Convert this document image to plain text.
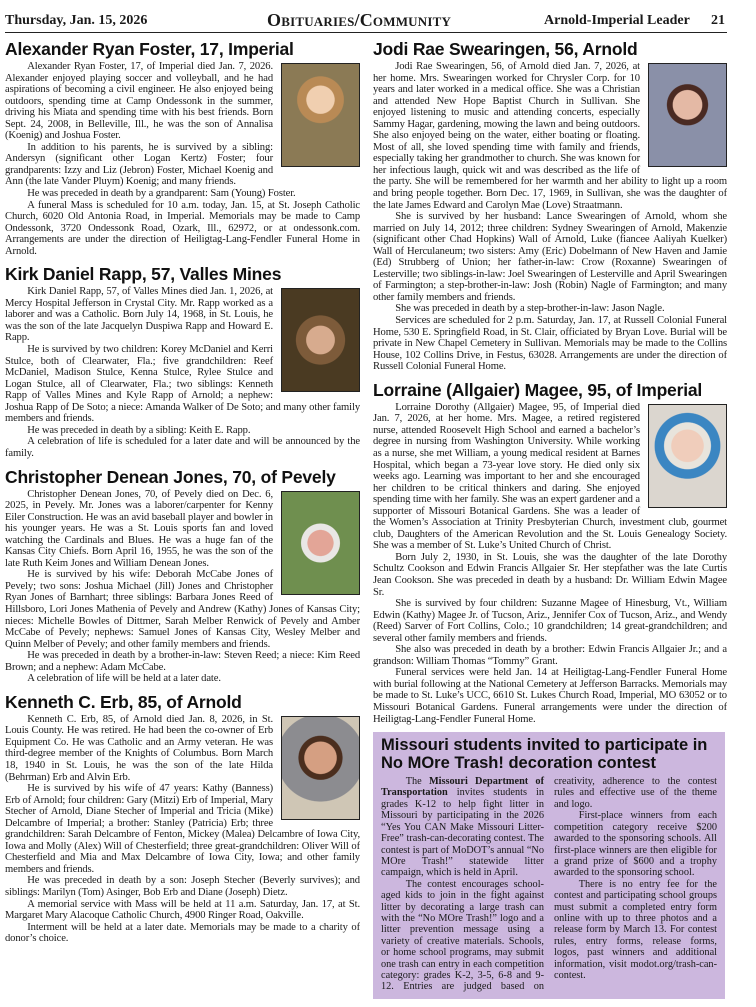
Thursday, Jan. 15, 2026	Obituaries/Community	Arnold-Imperial Leader 21
Alexander Ryan Foster, 17, Imperial

Alexander Ryan Foster, 17, of Imperial died Jan. 7, 2026. Alexander enjoyed playing soccer and volleyball, and he had aspirations of becoming a civil engineer. He also enjoyed being outdoors, spending time at Camp Ondessonk in the summer, driving his Miata and spending time with his best friends. Born Sept. 24, 2008, in Belleville, Ill., he was the son of Annalisa (Koenig) and Joshua Foster.

In addition to his parents, he is survived by a sibling: Andersyn (significant other Logan Kertz) Foster; four grandparents: Izzy and Liz (Jebron) Foster, Michael Koenig and Ann (the late Vander Pluym) Koenig; and many friends.

He was preceded in death by a grandparent: Sam (Young) Foster.

A funeral Mass is scheduled for 10 a.m. today, Jan. 15, at St. Joseph Catholic Church, 6020 Old Antonia Road, in Imperial. Memorials may be made to Camp Ondessonk, 3720 Ondessonk Road, Ozark, Ill., 62972, or at ondessonk.com. Arrangements are under the direction of Heiligtag-Lang-Fendler Funeral Home in Arnold.

Kirk Daniel Rapp, 57, Valles Mines

Kirk Daniel Rapp, 57, of Valles Mines died Jan. 1, 2026, at Mercy Hospital Jefferson in Crystal City. Mr. Rapp worked as a laborer and was a Catholic. Born July 14, 1968, in St. Louis, he was the son of the late Jacquelyn Duspiwa Rapp and Howard E. Rapp.

He is survived by two children: Korey McDaniel and Kerri Stulce, both of Clearwater, Fla.; five grandchildren: Reef McDaniel, Madison Stulce, Kenna Stulce, Rylee Stulce and Logan Stulce, all of Clearwater, Fla.; two siblings: Kenneth Rapp of Valles Mines and Kyle Rapp of Arnold; a nephew: Joshua Rapp of De Soto; a niece: Amanda Walker of De Soto; and many other family members and friends.

He was preceded in death by a sibling: Keith E. Rapp.

A celebration of life is scheduled for a later date and will be announced by the family.

Christopher Denean Jones, 70, of Pevely

Christopher Denean Jones, 70, of Pevely died on Dec. 6, 2025, in Pevely. Mr. Jones was a laborer/carpenter for Kenny Eiler Construction. He was an avid baseball player and bowler in his younger years. He was a St. Louis sports fan and loved watching the Cardinals and Blues. He was a huge fan of the Kansas City Chiefs. Born April 16, 1955, he was the son of the late Ruth Keim Jones and William Denean Jones.

He is survived by his wife: Deborah McCabe Jones of Pevely; two sons: Joshua Michael (Jill) Jones and Christopher Ryan Jones of Barnhart; three siblings: Barbara Jones Reed of Hillsboro, Lori Jones Mathenia of Pevely and Andrew (Kathy) Jones of Kansas City; nieces: Michelle Bowles of Dittmer, Sarah Melber Renwick of Pevely and Amber McCabe of Pevely; nephews: Samuel Jones of Kansas City, Wesley Melber and Quinn Melber of Pevely; and other family members and friends.

He was preceded in death by a brother-in-law: Steven Reed; a niece: Kim Reed Brown; and a nephew: Adam McCabe.

A celebration of life will be held at a later date.

Kenneth C. Erb, 85, of Arnold

Kenneth C. Erb, 85, of Arnold died Jan. 8, 2026, in St. Louis County. He was retired. He had been the co-owner of Erb Equipment Co. He was Catholic and an Army veteran. He was third-degree member of the Knights of Columbus. Born March 18, 1940 in St. Louis, he was the son of the late Hilda (Behrman) Erb and Alvin Erb.

He is survived by his wife of 47 years: Kathy (Banness) Erb of Arnold; four children: Gary (Mitzi) Erb of Imperial, Mary Stecher of Arnold, Diane Stecher of Imperial and Tricia (Mike) Delcambre of Imperial; a brother: Stanley (Patricia) Erb; three grandchildren: Sarah Delcambre of Fenton, Mickey (Malea) Delcambre of Iowa City, Iowa and Molly (Alex) Will of Chesterfield; three great-grandchildren: Oliver Will of Chesterfield and Mia and Max Delcambre of Iowa City, Iowa; and other family members and friends.

He was preceded in death by a son: Joseph Stecher (Beverly survives); and siblings: Marilyn (Tom) Asinger, Bob Erb and Diane (Joseph) Dietz.

A memorial service with Mass will be held at 11 a.m. Saturday, Jan. 17, at St. Margaret Mary Alacoque Catholic Church, 4900 Ringer Road, Oakville.

Interment will be held at a later date. Memorials may be made to a charity of donor’s choice.

Jodi Rae Swearingen, 56, Arnold

Jodi Rae Swearingen, 56, of Arnold died Jan. 7, 2026, at her home. Mrs. Swearingen worked for Chrysler Corp. for 10 years and later worked in a medical office. She was a Christian and attended New Hope Baptist Church in Sullivan. She enjoyed listening to music and attending concerts, especially Sammy Hagar, gardening, mowing the lawn and being outdoors. She also enjoyed being on the water, either boating or floating. Most of all, she loved spending time with family and friends, especially taking her grandmother to church. She was known for her infectious laugh, quick wit and was described as the life of the party. She will be remembered for her warmth and her ability to light up a room and bring people together. Born Dec. 17, 1969, in Sullivan, she was the daughter of the late James Edward and Carolyn Mae (Love) Straatmann.

She is survived by her husband: Lance Swearingen of Arnold, whom she married on July 14, 2012; three children: Sydney Swearingen of Arnold, Makenzie (significant other Chad Hopkins) Wall of Arnold, Luke (fiancee Aaliyah Kuelker) Wall of Herculaneum; two sisters: Amy (Eric) Dobelmann of New Haven and Jamie (Ed) Strubberg of Union; her father-in-law: Crow (Roxanne) Swearingen of Lesterville; two siblings-in-law: Joel Swearingen of Lesterville and April Swearingen of Farmington; a step-brother-in-law: Josh (Robin) Nagle of Farmington; and many other family members and friends.

She was preceded in death by a step-brother-in-law: Jason Nagle.

Services are scheduled for 2 p.m. Saturday, Jan. 17, at Russell Colonial Funeral Home, 530 E. Springfield Road, in St. Clair, officiated by Bryan Love. Burial will be private in New Chapel Cemetery in Sullivan. Memorials may be made to the Collins House, 102 Collins Drive, in Festus, 63028. Arrangements are under the direction of Russell Colonial Funeral Home.

Lorraine (Allgaier) Magee, 95, of Imperial

Lorraine Dorothy (Allgaier) Magee, 95, of Imperial died Jan. 7, 2026, at her home. Mrs. Magee, a retired registered nurse, attended Roosevelt High School and earned a bachelor’s degree in nursing from Washington University. While working as a nurse, she met William, a young medical resident at Barnes Hospital, which began a 73-year love story. He died only six weeks ago. Learning was important to her and she encouraged her children to be critical thinkers and daring. She enjoyed spending time with her family. She was an expert gardener and a supporter of Missouri Botanical Gardens. She was a leader of the Women’s Association at Trinity Presbyterian Church, investment club, gourmet club, Daughters of the American Revolution and the St. Louis Genealogy Society. She was a member of St. Luke’s United Church of Christ.

Born July 2, 1930, in St. Louis, she was the daughter of the late Dorothy Schultz Cookson and Edwin Francis Allgaier Sr. Her stepfather was the late Curtis Jean Cookson. She was preceded in death by a husband: Dr. William Edwin Magee Sr.

She is survived by four children: Suzanne Magee of Hinesburg, Vt., William Edwin (Kathy) Magee Jr. of Tucson, Ariz., Jennifer Cox of Tucson, Ariz., and Wendy (Reed) Sarver of Fort Collins, Colo.; 10 grandchildren; 14 great-grandchildren; and several other family members and friends.

She also was preceded in death by a brother: Edwin Francis Allgaier Jr.; and a grandson: William Thomas “Tommy” Grant.

Funeral services were held Jan. 14 at Heiligtag-Lang-Fendler Funeral Home with burial following at the National Cemetery at Jefferson Barracks. Memorials may be made to St. Luke’s UCC, 6610 St. Lukes Church Road, Imperial, MO 63052 or to Missouri Botanical Gardens. Funeral arrangements were under the direction of Heiligtag-Lang-Fendler Funeral Home.

Missouri students invited to participate in No MOre Trash! decoration contest

The Missouri Department of Transportation invites students in grades K-12 to help fight litter in Missouri by participating in the 2026 “Yes You CAN Make Missouri Litter-Free” trash-can-decorating contest. The contest is part of MoDOT’s annual “No MOre Trash!” statewide litter campaign, which is held in April.

The contest encourages school-aged kids to join in the fight against litter by decorating a large trash can with the “No MOre Trash!” logo and a litter prevention message using a variety of creative materials. Schools, or home school programs, may submit one trash can entry in each competition category: grades K-2, 3-5, 6-8 and 9-12. Entries are judged based on creativity, adherence to the contest rules and effective use of the theme and logo.

First-place winners from each competition category receive $200 awarded to the sponsoring schools. All first-place winners are then eligible for a grand prize of $600 and a trophy awarded to the sponsoring school.

There is no entry fee for the contest and participating school groups must submit a completed entry form online with up to three photos and a release form by March 13. For contest rules, entry forms, release forms, logos, past winners and additional information, visit modot.org/trash-can-contest.
